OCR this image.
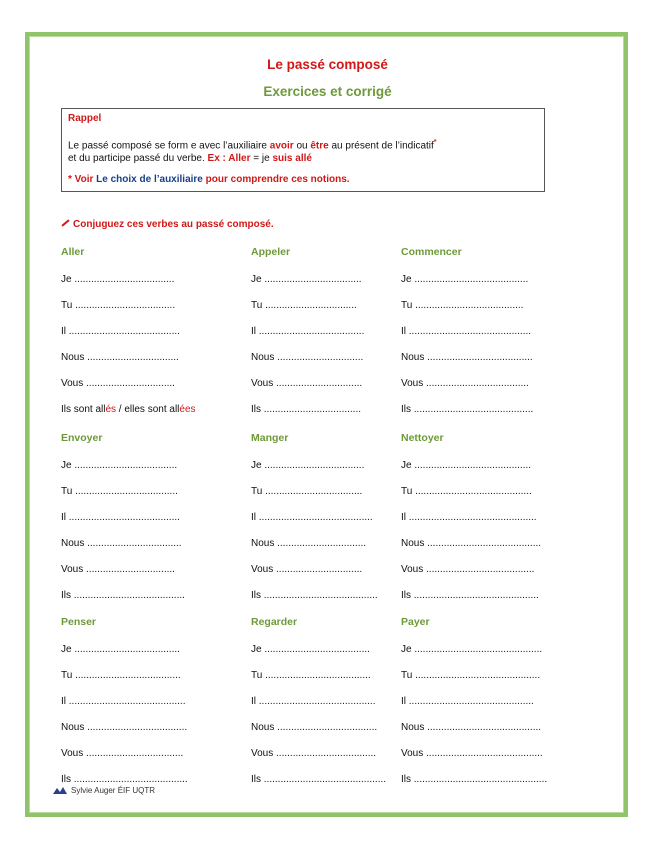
Le passé composé
Exercices et corrigé
Rappel
Le passé composé se form e avec l’auxiliaire avoir ou être au présent de l’indicatif*
et du participe passé du verbe. Ex : Aller = je suis allé
* Voir Le choix de l’auxiliaire pour comprendre ces notions.
Conjuguez ces verbes au passé composé.
Aller
Je ....................................
Tu ....................................
Il ........................................
Nous .................................
Vous ................................
Ils sont allés / elles sont allées
Appeler
Je ...................................
Tu .................................
Il ......................................
Nous ...............................
Vous ...............................
Ils ...................................
Commencer
Je .........................................
Tu .......................................
Il ............................................
Nous ......................................
Vous .....................................
Ils ...........................................
Envoyer
Je .....................................
Tu .....................................
Il ........................................
Nous ..................................
Vous ................................
Ils ........................................
Manger
Je ....................................
Tu ...................................
Il .........................................
Nous ................................
Vous ...............................
Ils .........................................
Nettoyer
Je ..........................................
Tu ..........................................
Il ..............................................
Nous .........................................
Vous .......................................
Ils .............................................
Penser
Je ......................................
Tu ......................................
Il ..........................................
Nous ....................................
Vous ...................................
Ils .........................................
Regarder
Je ......................................
Tu ......................................
Il ..........................................
Nous ....................................
Vous ....................................
Ils ............................................
Payer
Je ..............................................
Tu .............................................
Il .............................................
Nous .........................................
Vous ..........................................
Ils ................................................
Sylvie Auger ÉIF UQTR
